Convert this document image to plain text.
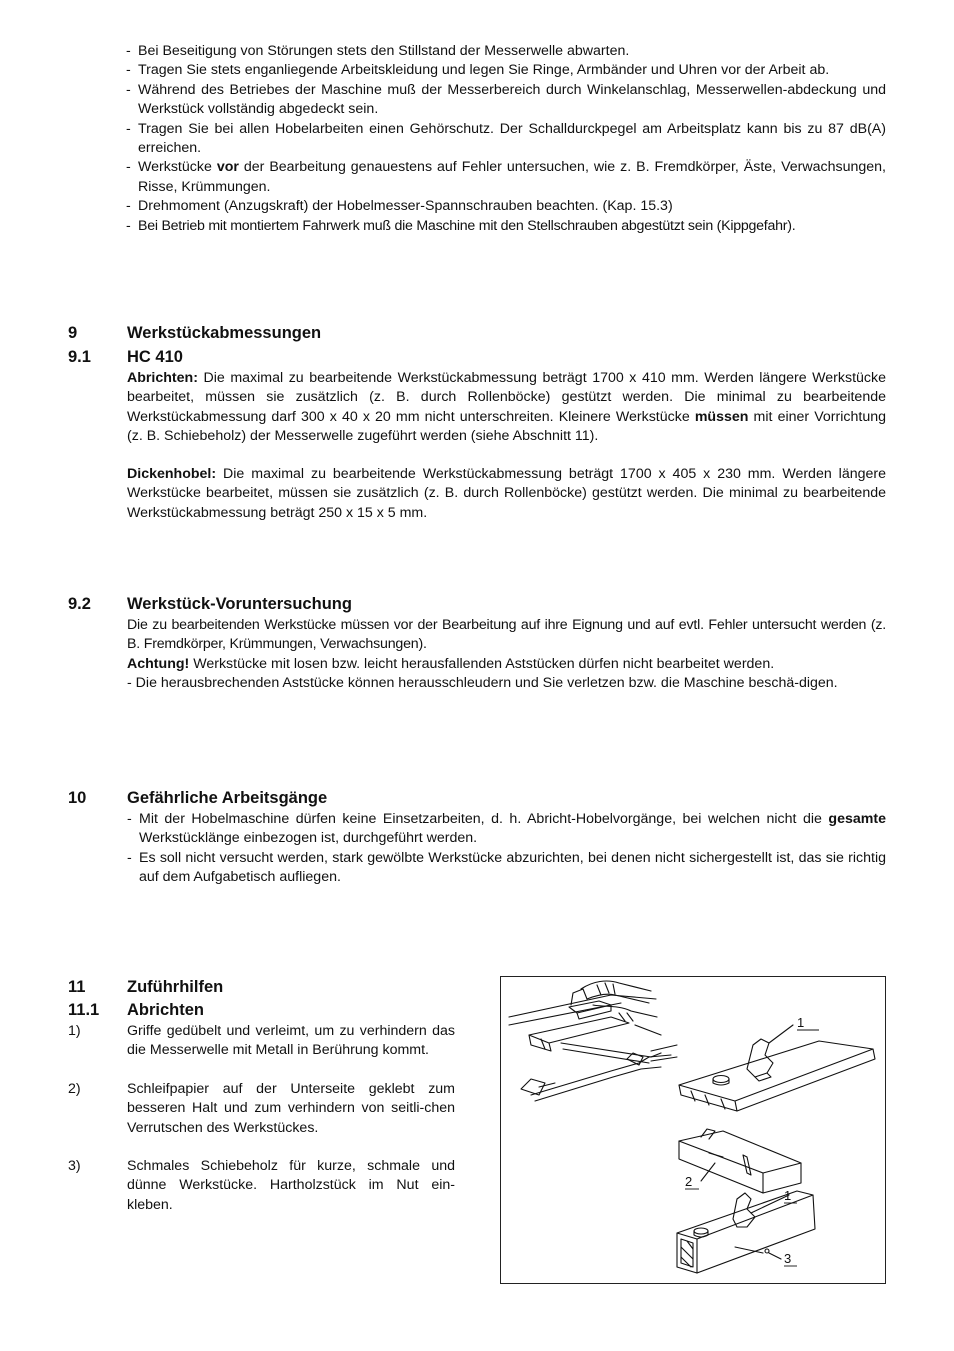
- Bei Beseitigung von Störungen stets den Stillstand der Messerwelle abwarten.

- Tragen Sie stets enganliegende Arbeitskleidung und legen Sie Ringe, Armbänder und Uhren vor der Arbeit ab.

- Während des Betriebes der Maschine muß der Messerbereich durch Winkelanschlag, Messerwellen-abdeckung und Werkstück vollständig abgedeckt sein.

- Tragen Sie bei allen Hobelarbeiten einen Gehörschutz. Der Schalldurckpegel am Arbeitsplatz kann bis zu 87 dB(A) erreichen.

- Werkstücke vor der Bearbeitung genauestens auf Fehler untersuchen, wie z. B. Fremdkörper, Äste, Verwachsungen, Risse, Krümmungen.

- Drehmoment (Anzugskraft) der Hobelmesser-Spannschrauben beachten. (Kap. 15.3)

- Bei Betrieb mit montiertem Fahrwerk muß die Maschine mit den Stellschrauben abgestützt sein (Kippgefahr).

9	Werkstückabmessungen
9.1 HC 410

Abrichten: Die maximal zu bearbeitende Werkstückabmessung beträgt 1700 x 410 mm. Werden längere Werkstücke bearbeitet, müssen sie zusätzlich (z. B. durch Rollenböcke) gestützt werden. Die minimal zu bearbeitende Werkstückabmessung darf 300 x 40 x 20 mm nicht unterschreiten. Kleinere Werkstücke müssen mit einer Vorrichtung (z. B. Schiebeholz) der Messerwelle zugeführt werden (siehe Abschnitt 11).

Dickenhobel: Die maximal zu bearbeitende Werkstückabmessung beträgt 1700 x 405 x 230 mm. Werden längere Werkstücke bearbeitet, müssen sie zusätzlich (z. B. durch Rollenböcke) gestützt werden. Die minimal zu bearbeitende Werkstückabmessung beträgt 250 x 15 x 5 mm.

9.2 Werkstück-Voruntersuchung

Die zu bearbeitenden Werkstücke müssen vor der Bearbeitung auf ihre Eignung und auf evtl. Fehler untersucht werden (z. B. Fremdkörper, Krümmungen, Verwachsungen).

Achtung! Werkstücke mit losen bzw. leicht herausfallenden Aststücken dürfen nicht bearbeitet werden.

- Die herausbrechenden Aststücke können herausschleudern und Sie verletzen bzw. die Maschine beschä-digen.

10 Gefährliche Arbeitsgänge

- Mit der Hobelmaschine dürfen keine Einsetzarbeiten, d. h. Abricht-Hobelvorgänge, bei welchen nicht die gesamte Werkstücklänge einbezogen ist, durchgeführt werden.

- Es soll nicht versucht werden, stark gewölbte Werkstücke abzurichten, bei denen nicht sichergestellt ist, das sie richtig auf dem Aufgabetisch aufliegen.

11	Zuführhilfen
11.1 Abrichten
1)	Griffe gedübelt und verleimt, um zu verhindern das die Messerwelle mit Metall in Berührung kommt.
2)	Schleifpapier auf der Unterseite geklebt zum besseren Halt und zum verhindern von seitli-chen Verrutschen des Werkstückes.
3)	Schmales Schiebeholz für kurze, schmale und dünne Werkstücke. Hartholzstück im Nut ein-kleben.
1
2
1
3
